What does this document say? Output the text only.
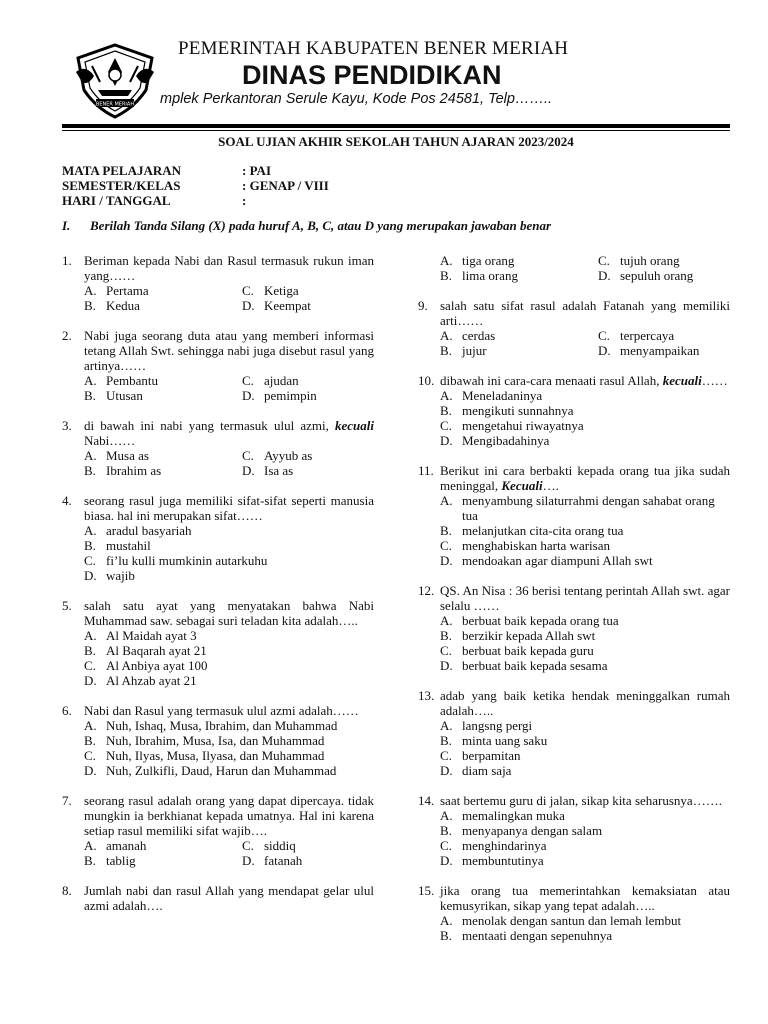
BENER MERIAH
PEMERINTAH KABUPATEN BENER MERIAH
DINAS PENDIDIKAN
mplek Perkantoran Serule Kayu, Kode Pos 24581, Telp……..
SOAL UJIAN AKHIR SEKOLAH TAHUN AJARAN 2023/2024
MATA PELAJARAN	: PAI
SEMESTER/KELAS	: GENAP / VIII
HARI / TANGGAL	:
I. Berilah Tanda Silang (X) pada huruf A, B, C, atau D yang merupakan jawaban benar
1. Beriman kepada Nabi dan Rasul termasuk rukun iman yang……
A. Pertama	C. Ketiga
B. Kedua	D. Keempat
2. Nabi juga seorang duta atau yang memberi informasi tetang Allah Swt. sehingga nabi juga disebut rasul yang artinya……
A. Pembantu	C. ajudan
B. Utusan	D. pemimpin
3. di bawah ini nabi yang termasuk ulul azmi, kecuali Nabi……
A. Musa as	C. Ayyub as
B. Ibrahim as	D. Isa as
4. seorang rasul juga memiliki sifat-sifat seperti manusia biasa. hal ini merupakan sifat……
A. aradul basyariah
B. mustahil
C. fi’lu kulli mumkinin autarkuhu
D. wajib
5. salah satu ayat yang menyatakan bahwa Nabi Muhammad saw. sebagai suri teladan kita adalah…..
A. Al Maidah ayat 3
B. Al Baqarah ayat 21
C. Al Anbiya ayat 100
D. Al Ahzab ayat 21
6. Nabi dan Rasul yang termasuk ulul azmi adalah……
A. Nuh, Ishaq, Musa, Ibrahim, dan Muhammad
B. Nuh, Ibrahim, Musa, Isa, dan Muhammad
C. Nuh, Ilyas, Musa, Ilyasa, dan Muhammad
D. Nuh, Zulkifli, Daud, Harun dan Muhammad
7. seorang rasul adalah orang yang dapat dipercaya. tidak mungkin ia berkhianat kepada umatnya. Hal ini karena setiap rasul memiliki sifat wajib….
A. amanah	C. siddiq
B. tablig	D. fatanah
8. Jumlah nabi dan rasul Allah yang mendapat gelar ulul azmi adalah….
A. tiga orang	C. tujuh orang
B. lima orang	D. sepuluh orang
9. salah satu sifat rasul adalah Fatanah yang memiliki arti……
A. cerdas	C. terpercaya
B. jujur	D. menyampaikan
10. dibawah ini cara-cara menaati rasul Allah, kecuali……
A. Meneladaninya
B. mengikuti sunnahnya
C. mengetahui riwayatnya
D. Mengibadahinya
11. Berikut ini cara berbakti kepada orang tua jika sudah meninggal, Kecuali….
A. menyambung silaturrahmi dengan sahabat orang tua
B. melanjutkan cita-cita orang tua
C. menghabiskan harta warisan
D. mendoakan agar diampuni Allah swt
12. QS. An Nisa : 36 berisi tentang perintah Allah swt. agar selalu ……
A. berbuat baik kepada orang tua
B. berzikir kepada Allah swt
C. berbuat baik kepada guru
D. berbuat baik kepada sesama
13. adab yang baik ketika hendak meninggalkan rumah adalah…..
A. langsng pergi
B. minta uang saku
C. berpamitan
D. diam saja
14. saat bertemu guru di jalan, sikap kita seharusnya…….
A. memalingkan muka
B. menyapanya dengan salam
C. menghindarinya
D. membuntutinya
15. jika orang tua memerintahkan kemaksiatan atau kemusyrikan, sikap yang tepat adalah…..
A. menolak dengan santun dan lemah lembut
B. mentaati dengan sepenuhnya
